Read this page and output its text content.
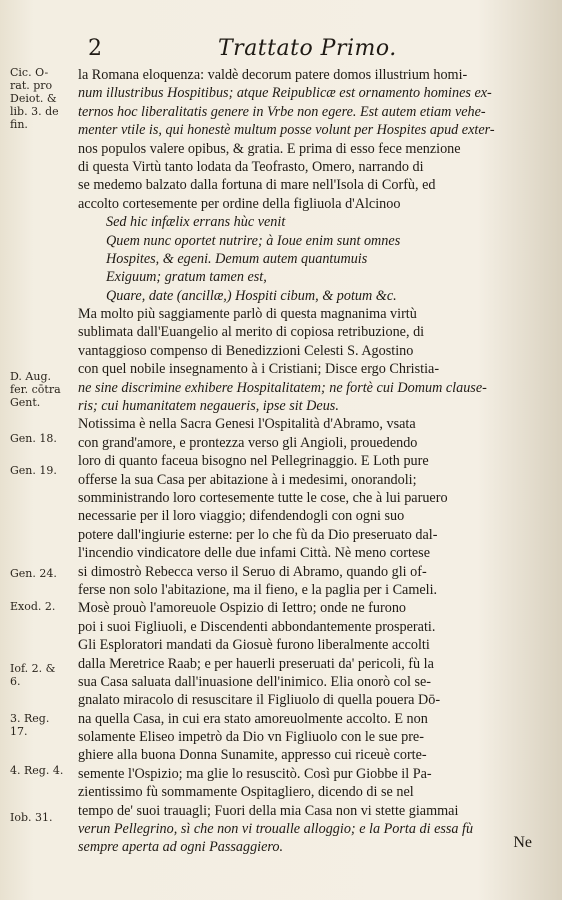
2	Trattato Primo.
Cic. O-
rat. pro
Deiot. &
lib. 3. de
fin.
D. Aug.
fer. cōtra
Gent.
Gen. 18.
Gen. 19.
Gen. 24.
Exod. 2.
Iof. 2. &
6.
3. Reg.
17.
4. Reg. 4.
Iob. 31.
la Romana eloquenza: valdè decorum patere domos illustrium homi-
num illustribus Hospitibus; atque Reipublicæ est ornamento homines ex-
ternos hoc liberalitatis genere in Vrbe non egere. Est autem etiam vehe-
menter vtile is, qui honestè multum posse volunt per Hospites apud exter-
nos populos valere opibus, & gratia. E prima di esso fece menzione
di questa Virtù tanto lodata da Teofrasto, Omero, narrando di
se medemo balzato dalla fortuna di mare nell'Isola di Corfù, ed
accolto cortesemente per ordine della figliuola d'Alcinoo
Sed hic infælix errans hùc venit
Quem nunc oportet nutrire; à Ioue enim sunt omnes
Hospites, & egeni. Demum autem quantumuis
Exiguum; gratum tamen est,
Quare, date (ancillæ,) Hospiti cibum, & potum &c.
Ma molto più saggiamente parlò di questa magnanima virtù
sublimata dall'Euangelio al merito di copiosa retribuzione, di
vantaggioso compenso di Benedizzioni Celesti S. Agostino
con quel nobile insegnamento à i Cristiani; Disce ergo Christia-
ne sine discrimine exhibere Hospitalitatem; ne fortè cui Domum clause-
ris; cui humanitatem negaueris, ipse sit Deus.
Notissima è nella Sacra Genesi l'Ospitalità d'Abramo, vsata
con grand'amore, e prontezza verso gli Angioli, prouedendo
loro di quanto faceua bisogno nel Pellegrinaggio. E Loth pure
offerse la sua Casa per abitazione à i medesimi, onorandoli;
somministrando loro cortesemente tutte le cose, che à lui paruero
necessarie per il loro viaggio; difendendogli con ogni suo
potere dall'ingiurie esterne: per lo che fù da Dio preseruato dal-
l'incendio vindicatore delle due infami Città. Nè meno cortese
si dimostrò Rebecca verso il Seruo di Abramo, quando gli of-
ferse non solo l'abitazione, ma il fieno, e la paglia per i Cameli.
Mosè prouò l'amoreuole Ospizio di Iettro; onde ne furono
poi i suoi Figliuoli, e Discendenti abbondantemente prosperati.
Gli Esploratori mandati da Giosuè furono liberalmente accolti
dalla Meretrice Raab; e per hauerli preseruati da' pericoli, fù la
sua Casa saluata dall'inuasione dell'inimico. Elia onorò col se-
gnalato miracolo di resuscitare il Figliuolo di quella pouera Dō-
na quella Casa, in cui era stato amoreuolmente accolto. E non
solamente Eliseo impetrò da Dio vn Figliuolo con le sue pre-
ghiere alla buona Donna Sunamite, appresso cui riceuè corte-
semente l'Ospizio; ma glie lo resuscitò. Così pur Giobbe il Pa-
zientissimo fù sommamente Ospitagliero, dicendo di se nel
tempo de' suoi trauagli; Fuori della mia Casa non vi stette giammai
verun Pellegrino, sì che non vi troualle alloggio; e la Porta di essa fù
sempre aperta ad ogni Passaggiero.	Ne
